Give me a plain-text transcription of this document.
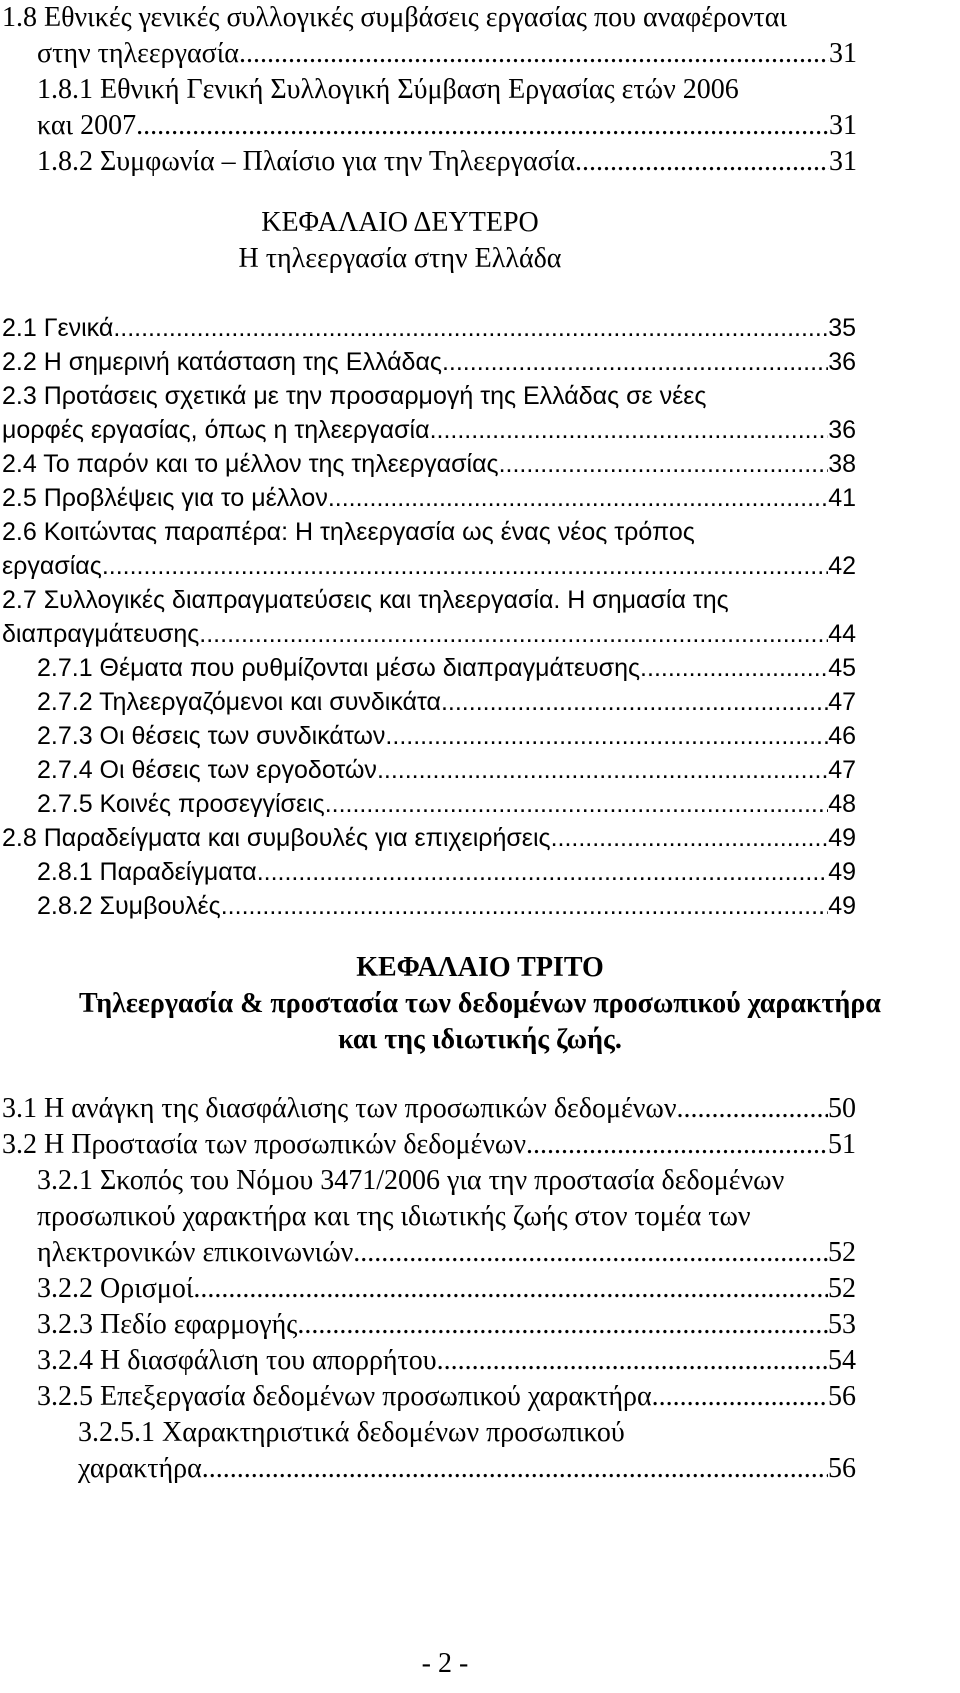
1.8 Εθνικές γενικές συλλογικές συμβάσεις εργασίας που αναφέρονται
στην τηλεεργασία .....	31
1.8.1 Εθνική Γενική Συλλογική Σύμβαση Εργασίας ετών 2006
και 2007 .....	31
1.8.2 Συμφωνία – Πλαίσιο για την Τηλεεργασία .....	31
ΚΕΦΑΛΑΙΟ ΔΕΥΤΕΡΟ
Η τηλεεργασία στην Ελλάδα
2.1 Γενικά .....	35
2.2 Η σημερινή κατάσταση της Ελλάδας .....	36
2.3 Προτάσεις σχετικά με την προσαρμογή της Ελλάδας σε νέες
μορφές εργασίας, όπως η τηλεεργασία .....	36
2.4 Το παρόν και το μέλλον της τηλεεργασίας .....	38
2.5 Προβλέψεις για το μέλλον .....	41
2.6 Κοιτώντας παραπέρα: Η τηλεεργασία ως ένας νέος τρόπος
εργασίας .....	42
2.7 Συλλογικές διαπραγματεύσεις και τηλεεργασία. Η σημασία της
διαπραγμάτευσης .....	44
2.7.1 Θέματα που ρυθμίζονται μέσω διαπραγμάτευσης .....	45
2.7.2 Τηλεεργαζόμενοι και συνδικάτα .....	47
2.7.3 Οι θέσεις των συνδικάτων .....	46
2.7.4 Οι θέσεις των εργοδοτών .....	47
2.7.5 Κοινές προσεγγίσεις .....	48
2.8 Παραδείγματα και συμβουλές για επιχειρήσεις .....	49
2.8.1 Παραδείγματα .....	49
2.8.2 Συμβουλές .....	49
ΚΕΦΑΛΑΙΟ ΤΡΙΤΟ
Τηλεεργασία & προστασία των δεδομένων προσωπικού χαρακτήρα
και της ιδιωτικής ζωής.
3.1 Η ανάγκη της διασφάλισης των προσωπικών δεδομένων .....	50
3.2 Η Προστασία των προσωπικών δεδομένων .....	51
3.2.1 Σκοπός του Νόμου 3471/2006 για την προστασία δεδομένων
προσωπικού χαρακτήρα και της ιδιωτικής ζωής στον τομέα των
ηλεκτρονικών επικοινωνιών .....	52
3.2.2 Ορισμοί .....	52
3.2.3 Πεδίο εφαρμογής .....	53
3.2.4 Η διασφάλιση του απορρήτου .....	54
3.2.5 Επεξεργασία δεδομένων προσωπικού χαρακτήρα .....	56
3.2.5.1 Χαρακτηριστικά δεδομένων προσωπικού
χαρακτήρα .....	56
- 2 -
